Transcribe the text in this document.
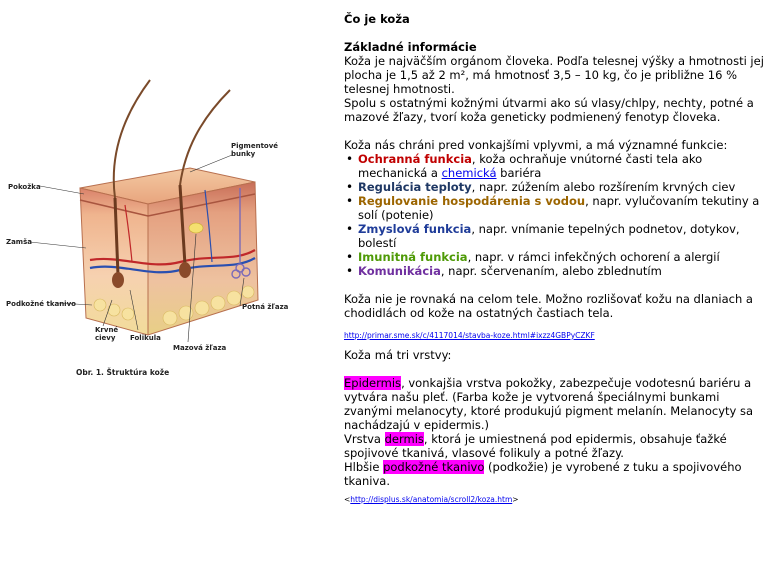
Pigmentové bunky
Pokožka
Zamša
Podkožné tkanivo
Krvné cievy	Folikula
Mazová žľaza
Potná žľaza
Obr. 1. Štruktúra kože

Čo je koža

Základné informácie

Koža je najväčším orgánom človeka. Podľa telesnej výšky a hmotnosti jej plocha je 1,5 až 2 m², má hmotnosť 3,5 – 10 kg, čo je približne 16 % telesnej hmotnosti.

Spolu s ostatnými kožnými útvarmi ako sú vlasy/chlpy, nechty, potné a mazové žľazy, tvorí koža geneticky podmienený fenotyp človeka.

Koža nás chráni pred vonkajšími vplyvmi, a má významné funkcie:

• Ochranná funkcia, koža ochraňuje vnútorné časti tela ako mechanická a chemická bariéra
• Regulácia teploty, napr. zúžením alebo rozšírením krvných ciev
• Regulovanie hospodárenia s vodou, napr. vylučovaním tekutiny a solí (potenie)
• Zmyslová funkcia, napr. vnímanie tepelných podnetov, dotykov, bolestí
• Imunitná funkcia, napr. v rámci infekčných ochorení a alergií
• Komunikácia, napr. sčervenaním, alebo zblednutím

Koža nie je rovnaká na celom tele. Možno rozlišovať kožu na dlaniach a chodidlách od kože na ostatných častiach tela.

http://primar.sme.sk/c/4117014/stavba-koze.html#ixzz4GBPyCZKF

Koža má tri vrstvy:

Epidermis, vonkajšia vrstva pokožky, zabezpečuje vodotesnú bariéru a vytvára našu pleť. (Farba kože je vytvorená špeciálnymi bunkami zvanými melanocyty, ktoré produkujú pigment melanín. Melanocyty sa nachádzajú v epidermis.)

Vrstva dermis, ktorá je umiestnená pod epidermis, obsahuje ťažké spojivové tkanivá, vlasové folikuly a potné žľazy.

Hlbšie podkožné tkanivo (podkožie) je vyrobené z tuku a spojivového tkaniva.

<http://displus.sk/anatomia/scroll2/koza.htm>
